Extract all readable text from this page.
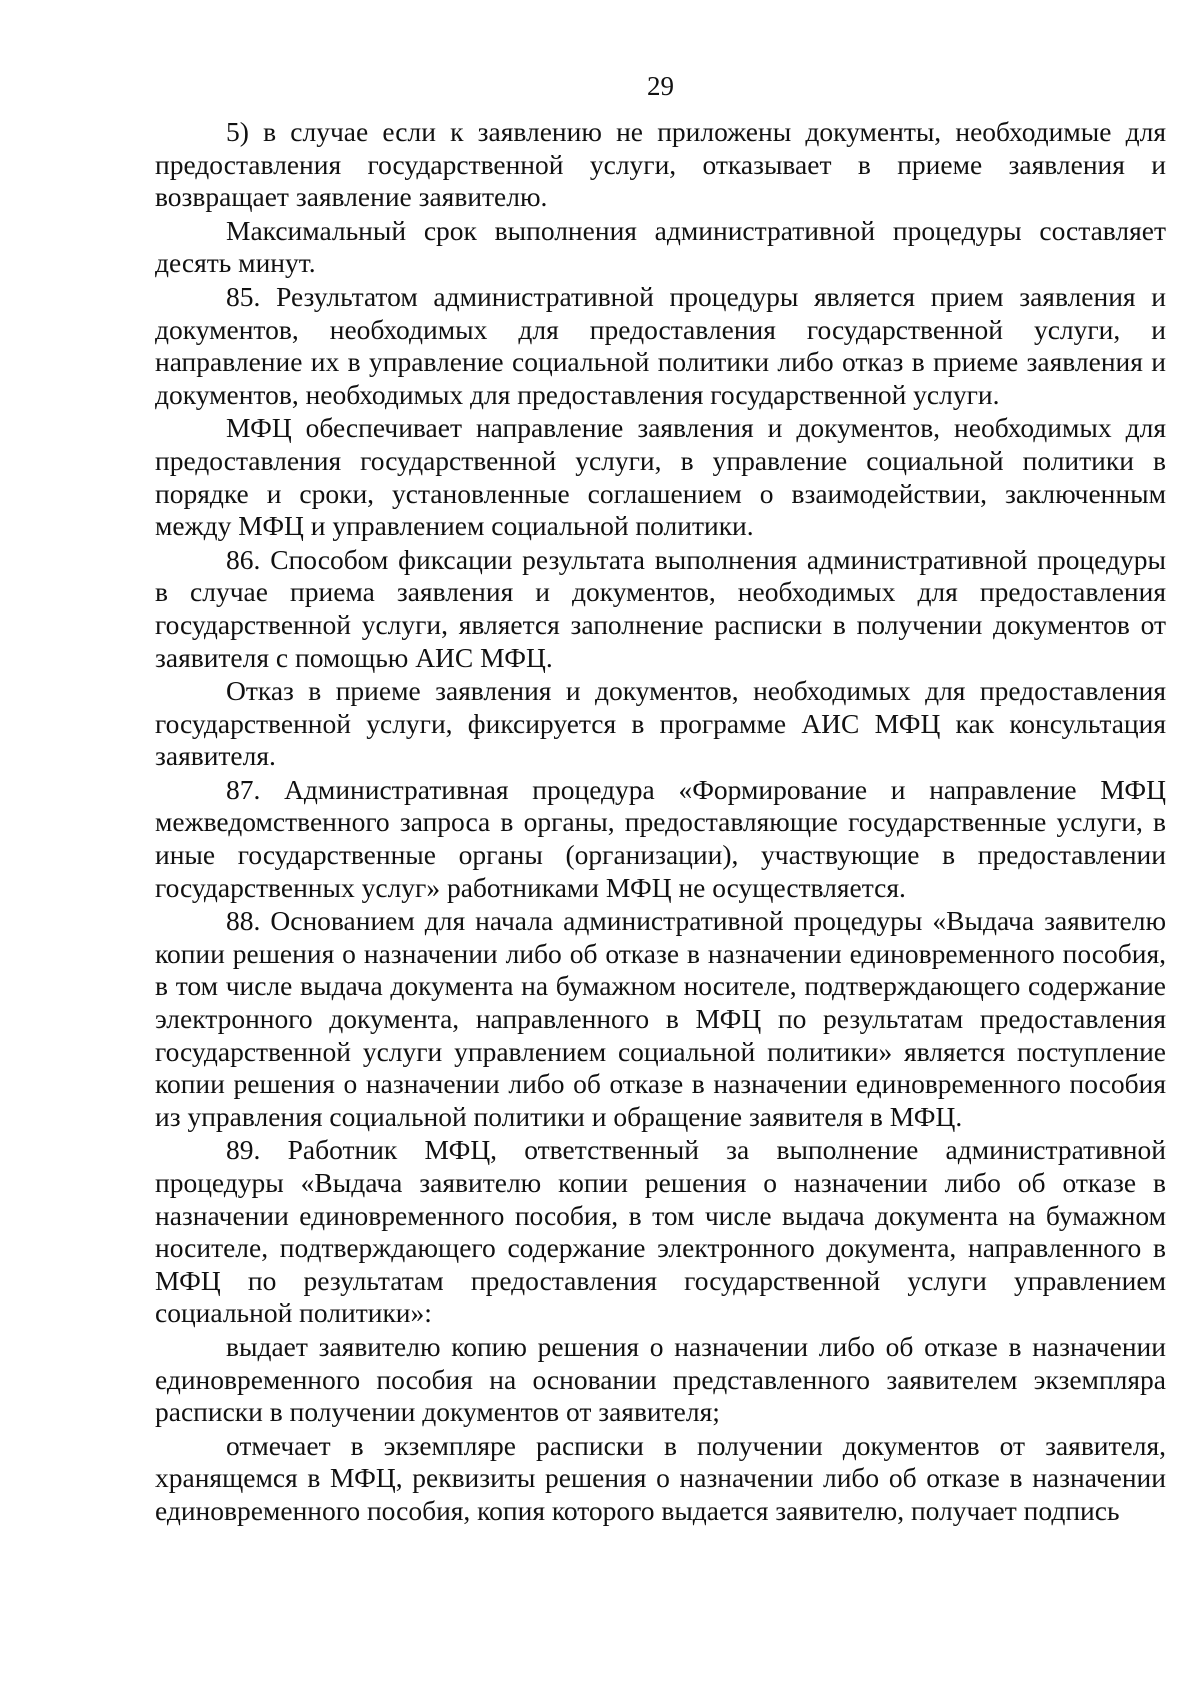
29

5) в случае если к заявлению не приложены документы, необходимые для предоставления государственной услуги, отказывает в приеме заявления и возвращает заявление заявителю.

Максимальный срок выполнения административной процедуры составляет десять минут.

85. Результатом административной процедуры является прием заявления и документов, необходимых для предоставления государственной услуги, и направление их в управление социальной политики либо отказ в приеме заявления и документов, необходимых для предоставления государственной услуги.

МФЦ обеспечивает направление заявления и документов, необходимых для предоставления государственной услуги, в управление социальной политики в порядке и сроки, установленные соглашением о взаимодействии, заключенным между МФЦ и управлением социальной политики.

86. Способом фиксации результата выполнения административной процедуры в случае приема заявления и документов, необходимых для предоставления государственной услуги, является заполнение расписки в получении документов от заявителя с помощью АИС МФЦ.

Отказ в приеме заявления и документов, необходимых для предоставления государственной услуги, фиксируется в программе АИС МФЦ как консультация заявителя.

87. Административная процедура «Формирование и направление МФЦ межведомственного запроса в органы, предоставляющие государственные услуги, в иные государственные органы (организации), участвующие в предоставлении государственных услуг» работниками МФЦ не осуществляется.

88. Основанием для начала административной процедуры «Выдача заявителю копии решения о назначении либо об отказе в назначении единовременного пособия, в том числе выдача документа на бумажном носителе, подтверждающего содержание электронного документа, направленного в МФЦ по результатам предоставления государственной услуги управлением социальной политики» является поступление копии решения о назначении либо об отказе в назначении единовременного пособия из управления социальной политики и обращение заявителя в МФЦ.

89. Работник МФЦ, ответственный за выполнение административной процедуры «Выдача заявителю копии решения о назначении либо об отказе в назначении единовременного пособия, в том числе выдача документа на бумажном носителе, подтверждающего содержание электронного документа, направленного в МФЦ по результатам предоставления государственной услуги управлением социальной политики»:

выдает заявителю копию решения о назначении либо об отказе в назначении единовременного пособия на основании представленного заявителем экземпляра расписки в получении документов от заявителя;

отмечает в экземпляре расписки в получении документов от заявителя, хранящемся в МФЦ, реквизиты решения о назначении либо об отказе в назначении единовременного пособия, копия которого выдается заявителю, получает подпись
